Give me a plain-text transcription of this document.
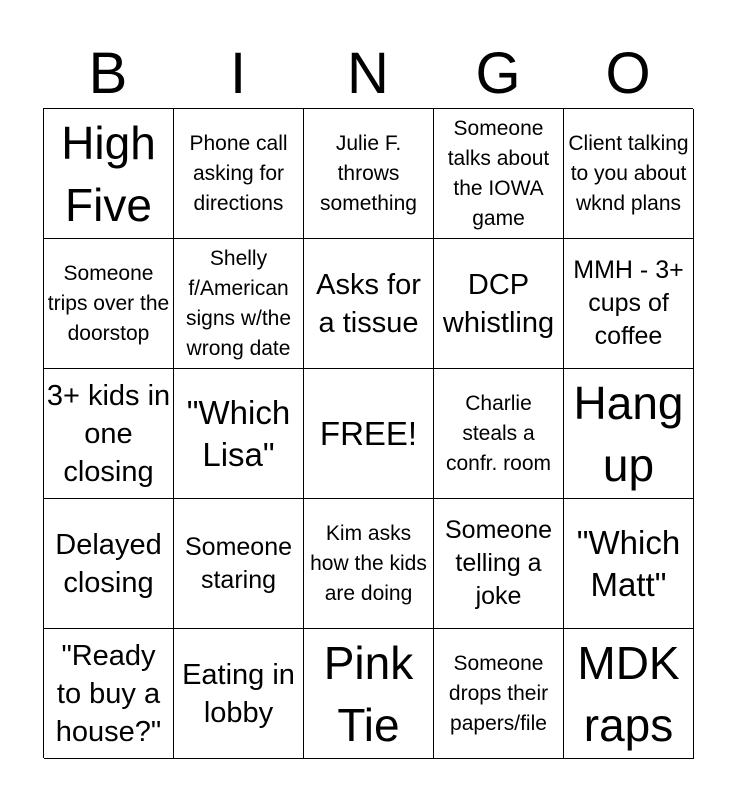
B	I	N	G	O
High Five
Phone call asking for directions
Julie F. throws something
Someone talks about the IOWA game
Client talking to you about wknd plans
Someone trips over the doorstop
Shelly f/American signs w/the wrong date
Asks for a tissue
DCP whistling
MMH - 3+ cups of coffee
3+ kids in one closing
"Which Lisa"
FREE!
Charlie steals a confr. room
Hang up
Delayed closing
Someone staring
Kim asks how the kids are doing
Someone telling a joke
"Which Matt"
"Ready to buy a house?"
Eating in lobby
Pink Tie
Someone drops their papers/file
MDK raps
